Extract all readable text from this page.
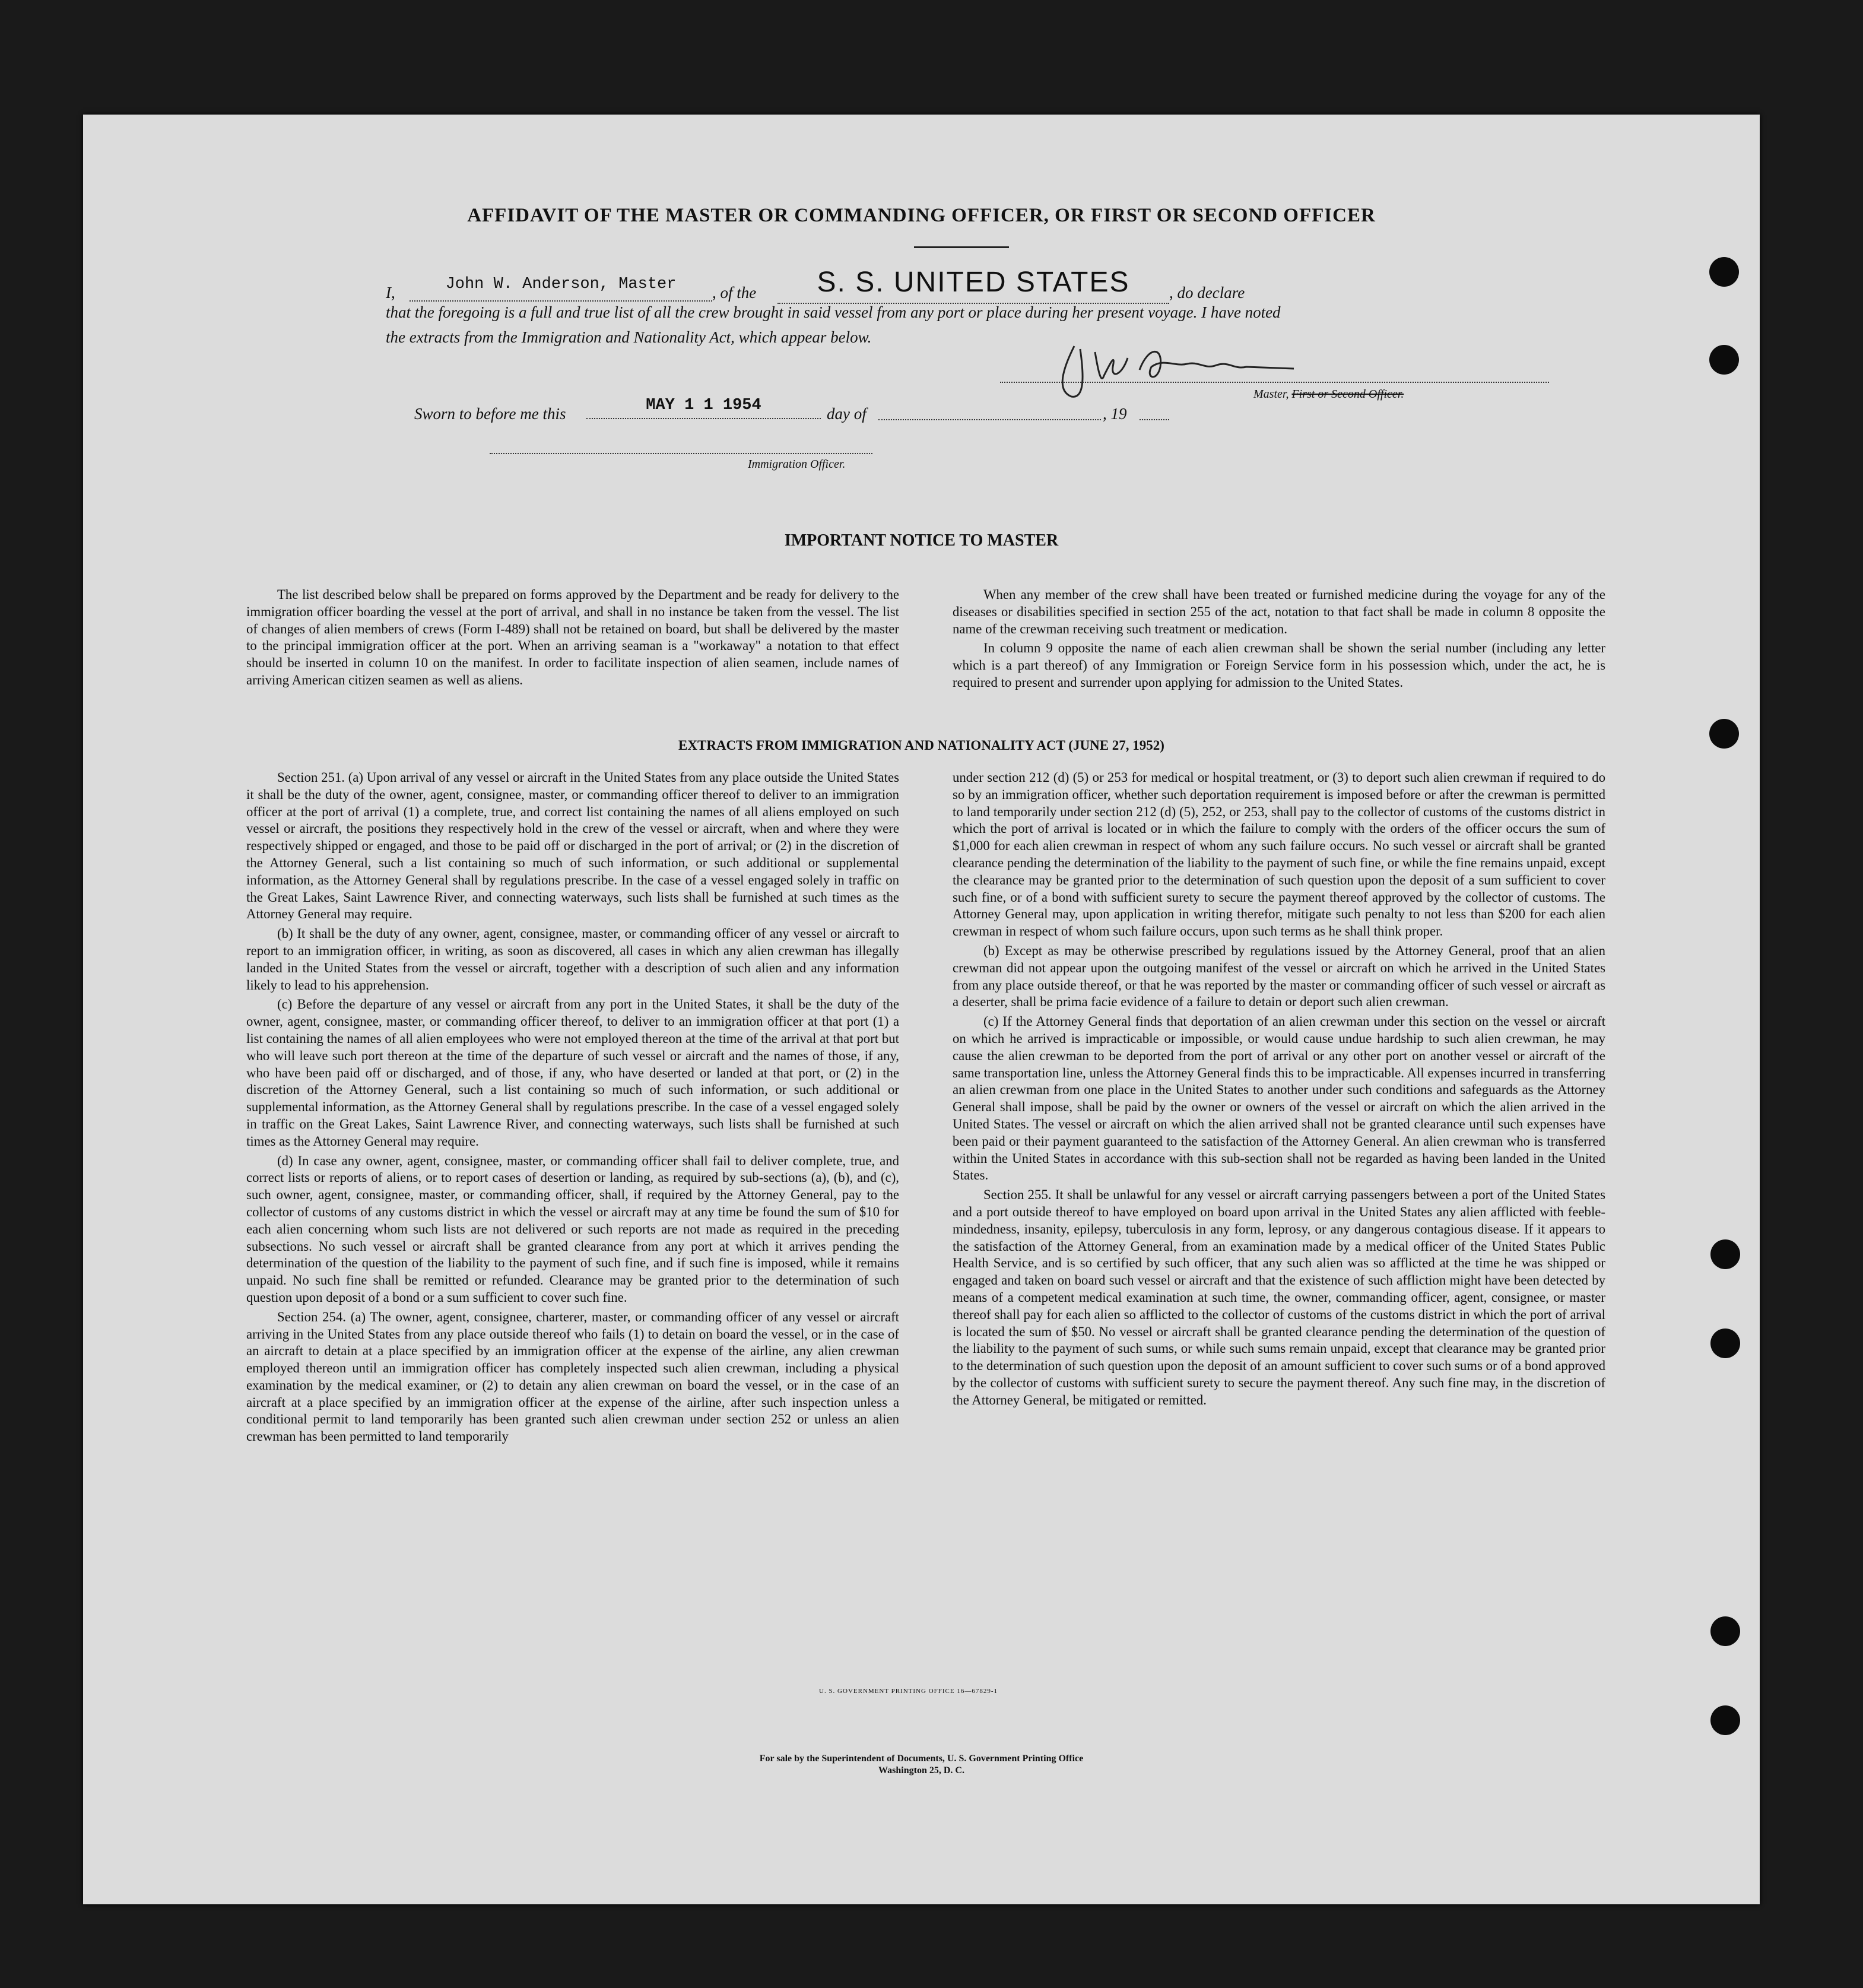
AFFIDAVIT OF THE MASTER OR COMMANDING OFFICER, OR FIRST OR SECOND OFFICER
I,	John W. Anderson, Master	, of the	S. S. UNITED STATES	, do declare
that the foregoing is a full and true list of all the crew brought in said vessel from any port or place during her present voyage. I have noted
the extracts from the Immigration and Nationality Act, which appear below.
Master, First or Second Officer.
Sworn to before me this	MAY 1 1 1954	day of	, 19
Immigration Officer.
IMPORTANT NOTICE TO MASTER

The list described below shall be prepared on forms approved by the Department and be ready for delivery to the immigration officer boarding the vessel at the port of arrival, and shall in no instance be taken from the vessel. The list of changes of alien members of crews (Form I-489) shall not be retained on board, but shall be delivered by the master to the principal immigration officer at the port. When an arriving seaman is a "workaway" a notation to that effect should be inserted in column 10 on the manifest. In order to facilitate inspection of alien seamen, include names of arriving American citizen seamen as well as aliens.

When any member of the crew shall have been treated or furnished medicine during the voyage for any of the diseases or disabilities specified in section 255 of the act, notation to that fact shall be made in column 8 opposite the name of the crewman receiving such treatment or medication.

In column 9 opposite the name of each alien crewman shall be shown the serial number (including any letter which is a part thereof) of any Immigration or Foreign Service form in his possession which, under the act, he is required to present and surrender upon applying for admission to the United States.

EXTRACTS FROM IMMIGRATION AND NATIONALITY ACT (JUNE 27, 1952)

Section 251. (a) Upon arrival of any vessel or aircraft in the United States from any place outside the United States it shall be the duty of the owner, agent, consignee, master, or commanding officer thereof to deliver to an immigration officer at the port of arrival (1) a complete, true, and correct list containing the names of all aliens employed on such vessel or aircraft, the positions they respectively hold in the crew of the vessel or aircraft, when and where they were respectively shipped or engaged, and those to be paid off or discharged in the port of arrival; or (2) in the discretion of the Attorney General, such a list containing so much of such information, or such additional or supplemental information, as the Attorney General shall by regulations prescribe. In the case of a vessel engaged solely in traffic on the Great Lakes, Saint Lawrence River, and connecting waterways, such lists shall be furnished at such times as the Attorney General may require.

(b) It shall be the duty of any owner, agent, consignee, master, or commanding officer of any vessel or aircraft to report to an immigration officer, in writing, as soon as discovered, all cases in which any alien crewman has illegally landed in the United States from the vessel or aircraft, together with a description of such alien and any information likely to lead to his apprehension.

(c) Before the departure of any vessel or aircraft from any port in the United States, it shall be the duty of the owner, agent, consignee, master, or commanding officer thereof, to deliver to an immigration officer at that port (1) a list containing the names of all alien employees who were not employed thereon at the time of the arrival at that port but who will leave such port thereon at the time of the departure of such vessel or aircraft and the names of those, if any, who have been paid off or discharged, and of those, if any, who have deserted or landed at that port, or (2) in the discretion of the Attorney General, such a list containing so much of such information, or such additional or supplemental information, as the Attorney General shall by regulations prescribe. In the case of a vessel engaged solely in traffic on the Great Lakes, Saint Lawrence River, and connecting waterways, such lists shall be furnished at such times as the Attorney General may require.

(d) In case any owner, agent, consignee, master, or commanding officer shall fail to deliver complete, true, and correct lists or reports of aliens, or to report cases of desertion or landing, as required by sub-sections (a), (b), and (c), such owner, agent, consignee, master, or commanding officer, shall, if required by the Attorney General, pay to the collector of customs of any customs district in which the vessel or aircraft may at any time be found the sum of $10 for each alien concerning whom such lists are not delivered or such reports are not made as required in the preceding subsections. No such vessel or aircraft shall be granted clearance from any port at which it arrives pending the determination of the question of the liability to the payment of such fine, and if such fine is imposed, while it remains unpaid. No such fine shall be remitted or refunded. Clearance may be granted prior to the determination of such question upon deposit of a bond or a sum sufficient to cover such fine.

Section 254. (a) The owner, agent, consignee, charterer, master, or commanding officer of any vessel or aircraft arriving in the United States from any place outside thereof who fails (1) to detain on board the vessel, or in the case of an aircraft to detain at a place specified by an immigration officer at the expense of the airline, any alien crewman employed thereon until an immigration officer has completely inspected such alien crewman, including a physical examination by the medical examiner, or (2) to detain any alien crewman on board the vessel, or in the case of an aircraft at a place specified by an immigration officer at the expense of the airline, after such inspection unless a conditional permit to land temporarily has been granted such alien crewman under section 252 or unless an alien crewman has been permitted to land temporarily

under section 212 (d) (5) or 253 for medical or hospital treatment, or (3) to deport such alien crewman if required to do so by an immigration officer, whether such deportation requirement is imposed before or after the crewman is permitted to land temporarily under section 212 (d) (5), 252, or 253, shall pay to the collector of customs of the customs district in which the port of arrival is located or in which the failure to comply with the orders of the officer occurs the sum of $1,000 for each alien crewman in respect of whom any such failure occurs. No such vessel or aircraft shall be granted clearance pending the determination of the liability to the payment of such fine, or while the fine remains unpaid, except the clearance may be granted prior to the determination of such question upon the deposit of a sum sufficient to cover such fine, or of a bond with sufficient surety to secure the payment thereof approved by the collector of customs. The Attorney General may, upon application in writing therefor, mitigate such penalty to not less than $200 for each alien crewman in respect of whom such failure occurs, upon such terms as he shall think proper.

(b) Except as may be otherwise prescribed by regulations issued by the Attorney General, proof that an alien crewman did not appear upon the outgoing manifest of the vessel or aircraft on which he arrived in the United States from any place outside thereof, or that he was reported by the master or commanding officer of such vessel or aircraft as a deserter, shall be prima facie evidence of a failure to detain or deport such alien crewman.

(c) If the Attorney General finds that deportation of an alien crewman under this section on the vessel or aircraft on which he arrived is impracticable or impossible, or would cause undue hardship to such alien crewman, he may cause the alien crewman to be deported from the port of arrival or any other port on another vessel or aircraft of the same transportation line, unless the Attorney General finds this to be impracticable. All expenses incurred in transferring an alien crewman from one place in the United States to another under such conditions and safeguards as the Attorney General shall impose, shall be paid by the owner or owners of the vessel or aircraft on which the alien arrived in the United States. The vessel or aircraft on which the alien arrived shall not be granted clearance until such expenses have been paid or their payment guaranteed to the satisfaction of the Attorney General. An alien crewman who is transferred within the United States in accordance with this sub-section shall not be regarded as having been landed in the United States.

Section 255. It shall be unlawful for any vessel or aircraft carrying passengers between a port of the United States and a port outside thereof to have employed on board upon arrival in the United States any alien afflicted with feeble-mindedness, insanity, epilepsy, tuberculosis in any form, leprosy, or any dangerous contagious disease. If it appears to the satisfaction of the Attorney General, from an examination made by a medical officer of the United States Public Health Service, and is so certified by such officer, that any such alien was so afflicted at the time he was shipped or engaged and taken on board such vessel or aircraft and that the existence of such affliction might have been detected by means of a competent medical examination at such time, the owner, commanding officer, agent, consignee, or master thereof shall pay for each alien so afflicted to the collector of customs of the customs district in which the port of arrival is located the sum of $50. No vessel or aircraft shall be granted clearance pending the determination of the question of the liability to the payment of such sums, or while such sums remain unpaid, except that clearance may be granted prior to the determination of such question upon the deposit of an amount sufficient to cover such sums or of a bond approved by the collector of customs with sufficient surety to secure the payment thereof. Any such fine may, in the discretion of the Attorney General, be mitigated or remitted.

U. S. GOVERNMENT PRINTING OFFICE 16—67829-1
For sale by the Superintendent of Documents, U. S. Government Printing Office
Washington 25, D. C.
